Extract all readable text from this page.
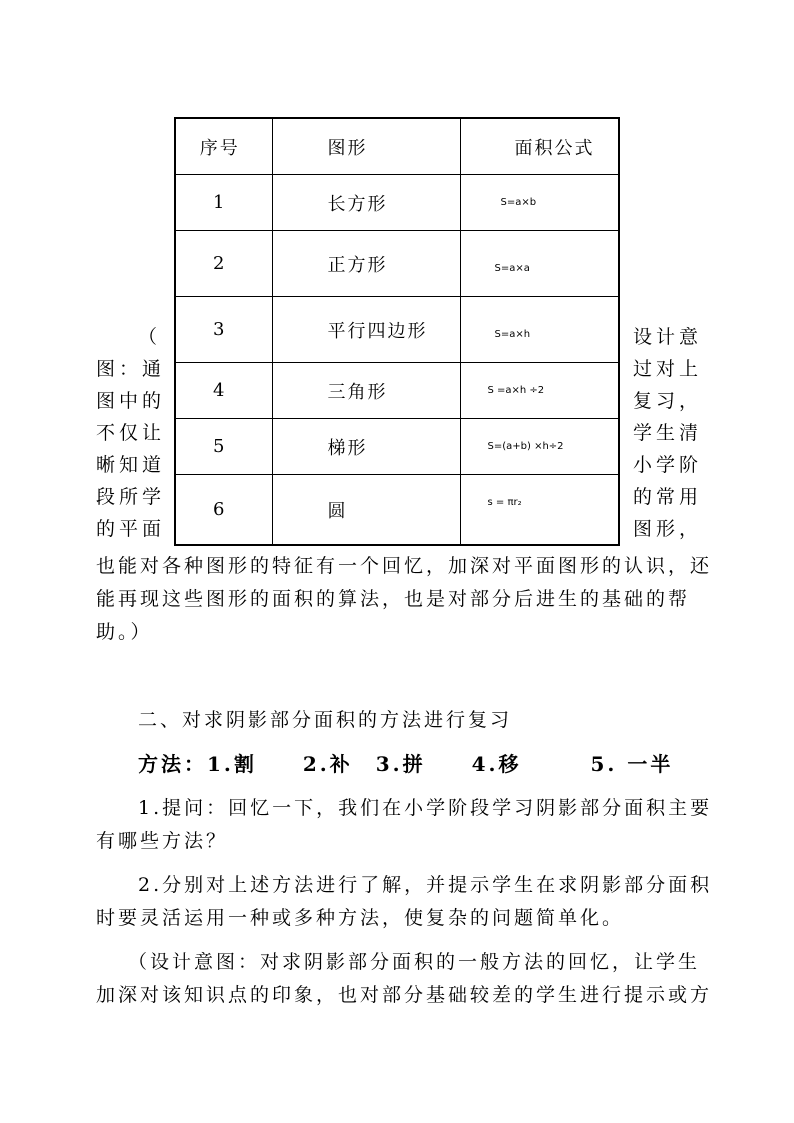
序号	图形	面积公式
1	长方形	S=a×b
2	正方形	S=a×a
3	平行四边形	S=a×h
4	三角形	S =a×h ÷2
5	梯形	S=(a+b) ×h÷2
6	圆	s = πr₂
（
图：通
图中的
不仅让
晰知道
段所学
的平面
设计意
过对上
复习，
学生清
小学阶
的常用
图形，
也能对各种图形的特征有一个回忆，加深对平面图形的认识，还
能再现这些图形的面积的算法，也是对部分后进生的基础的帮
助。）
二、对求阴影部分面积的方法进行复习
方法：1.割　　2.补　3.拼　　4.移　　　5. 一半
1.提问：回忆一下，我们在小学阶段学习阴影部分面积主要
有哪些方法？
2.分别对上述方法进行了解，并提示学生在求阴影部分面积
时要灵活运用一种或多种方法，使复杂的问题简单化。
（设计意图：对求阴影部分面积的一般方法的回忆，让学生
加深对该知识点的印象，也对部分基础较差的学生进行提示或方
